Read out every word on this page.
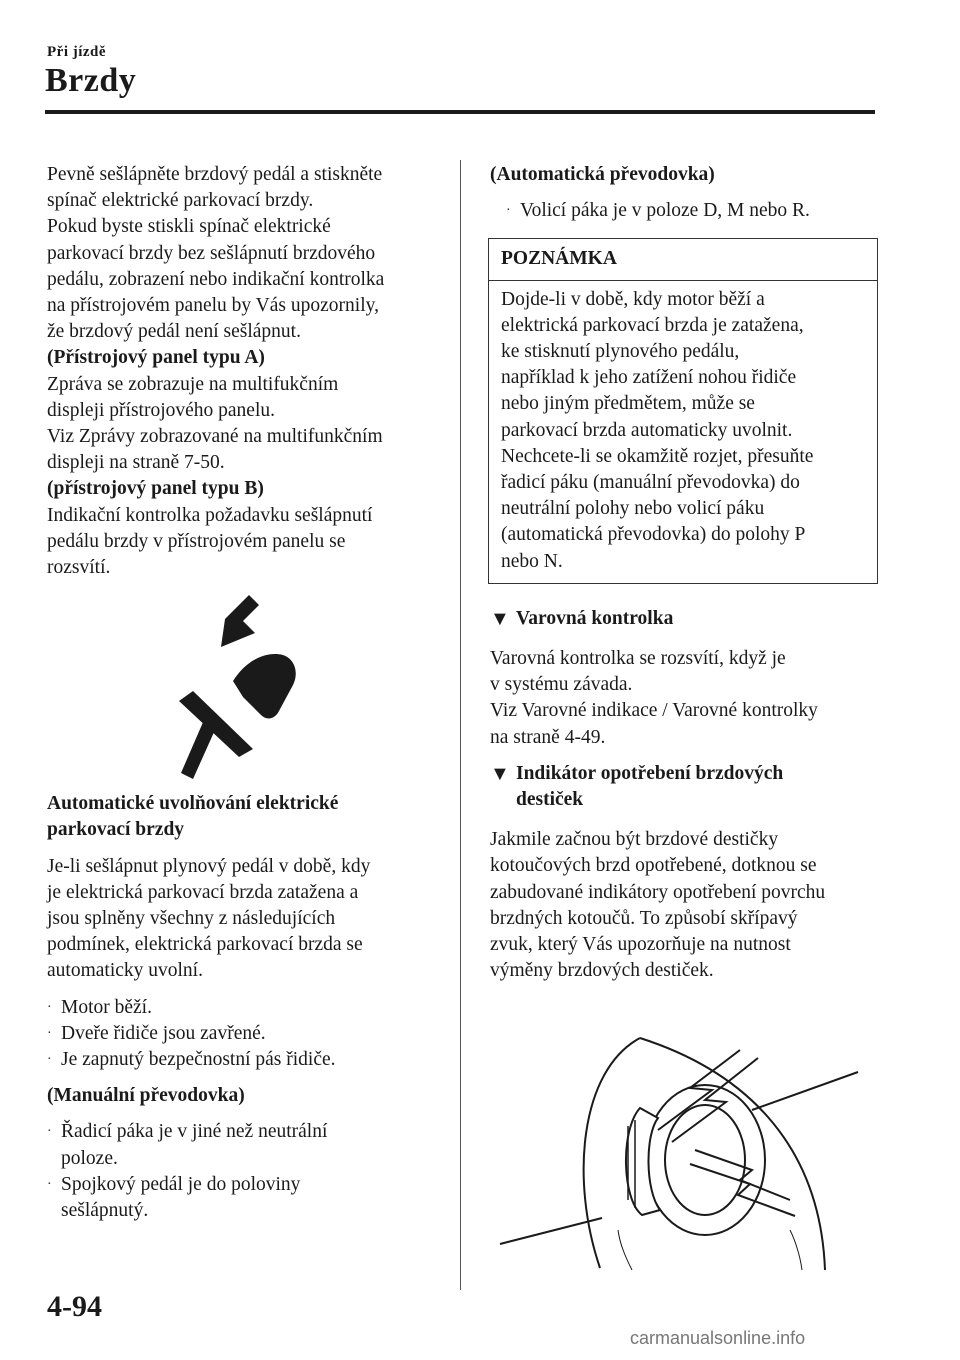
Při jízdě
Brzdy

Pevně sešlápněte brzdový pedál a stiskněte

spínač elektrické parkovací brzdy.

Pokud byste stiskli spínač elektrické

parkovací brzdy bez sešlápnutí brzdového

pedálu, zobrazení nebo indikační kontrolka

na přístrojovém panelu by Vás upozornily,

že brzdový pedál není sešlápnut.

(Přístrojový panel typu A)

Zpráva se zobrazuje na multifukčním

displeji přístrojového panelu.

Viz Zprávy zobrazované na multifunkčním

displeji na straně 7-50.

(přístrojový panel typu B)

Indikační kontrolka požadavku sešlápnutí

pedálu brzdy v přístrojovém panelu se

rozsvítí.

Automatické uvolňování elektrické

parkovací brzdy

Je-li sešlápnut plynový pedál v době, kdy

je elektrická parkovací brzda zatažena a

jsou splněny všechny z následujících

podmínek, elektrická parkovací brzda se

automaticky uvolní.

· Motor běží.
· Dveře řidiče jsou zavřené.
· Je zapnutý bezpečnostní pás řidiče.

(Manuální převodovka)

· Řadicí páka je v jiné než neutrální
poloze.
· Spojkový pedál je do poloviny
sešlápnutý.

(Automatická převodovka)

· Volicí páka je v poloze D, M nebo R.
POZNÁMKA

Dojde-li v době, kdy motor běží a

elektrická parkovací brzda je zatažena,

ke stisknutí plynového pedálu,

například k jeho zatížení nohou řidiče

nebo jiným předmětem, může se

parkovací brzda automaticky uvolnit.

Nechcete-li se okamžitě rozjet, přesuňte

řadicí páku (manuální převodovka) do

neutrální polohy nebo volicí páku

(automatická převodovka) do polohy P

nebo N.

▼ Varovná kontrolka

Varovná kontrolka se rozsvítí, když je

v systému závada.

Viz Varovné indikace / Varovné kontrolky

na straně 4-49.

▼ Indikátor opotřebení brzdových
destiček

Jakmile začnou být brzdové destičky

kotoučových brzd opotřebené, dotknou se

zabudované indikátory opotřebení povrchu

brzdných kotoučů. To způsobí skřípavý

zvuk, který Vás upozorňuje na nutnost

výměny brzdových destiček.

4-94
carmanualsonline.info
